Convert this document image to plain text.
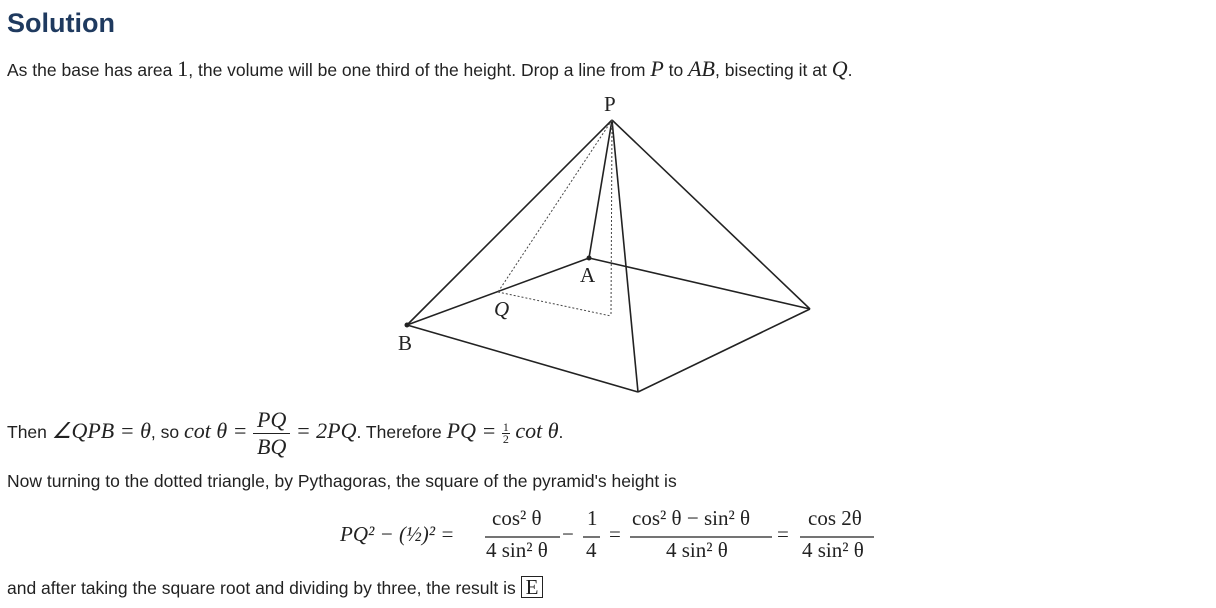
Solution
As the base has area 1, the volume will be one third of the height. Drop a line from P to AB, bisecting it at Q.
P
A
Q
B
Then ∠QPB = θ, so $\cot \theta = \frac{PQ}{BQ} = 2PQ$. Therefore PQ = $\frac{1}{2}$ cot θ.
Now turning to the dotted triangle, by Pythagoras, the square of the pyramid's height is
PQ² − (½)² =
cos² θ
4 sin² θ
−
1
4
=
cos² θ − sin² θ
4 sin² θ
=
cos 2θ
4 sin² θ
and after taking the square root and dividing by three, the result is E
